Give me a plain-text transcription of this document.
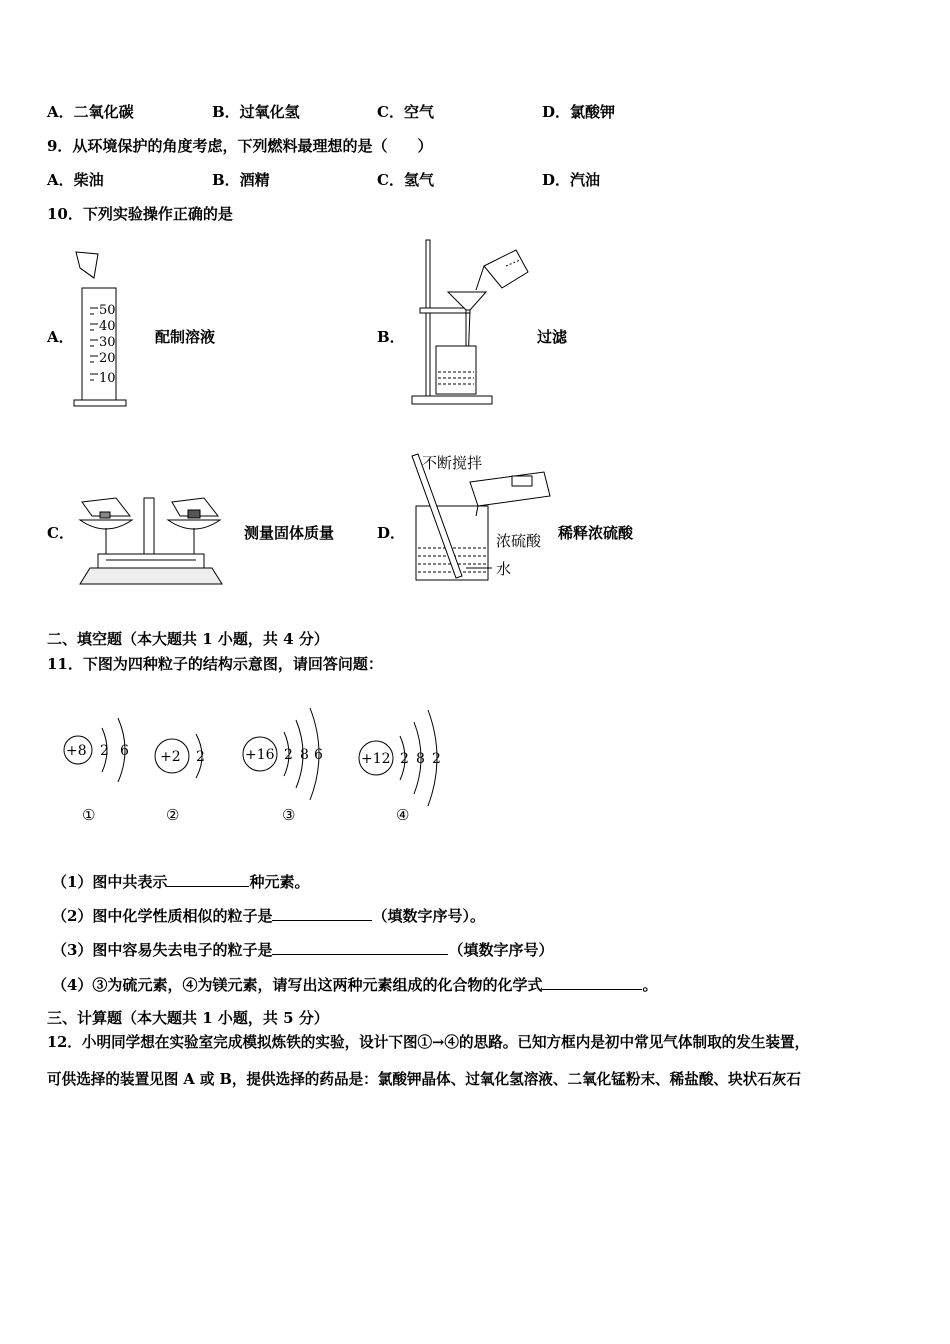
A．二氧化碳	B．过氧化氢	C．空气	D．氯酸钾
9．从环境保护的角度考虑，下列燃料最理想的是（　　）
A．柴油	B．酒精	C．氢气	D．汽油
10．下列实验操作正确的是
A．
50
40
30
20
10
配制溶液	B．	过滤
C．	测量固体质量	D．
不断搅拌
浓硫酸
水
稀释浓硫酸
二、填空题（本大题共 1 小题，共 4 分）
11．下图为四种粒子的结构示意图，请回答问题：
+8 2 6
①
+2 2
②
+16 2 8 6
③
+12 2 8 2
④
（1）图中共表示	种元素。
（2）图中化学性质相似的粒子是	（填数字序号）。
（3）图中容易失去电子的粒子是	（填数字序号）
（4）③为硫元素，④为镁元素，请写出这两种元素组成的化合物的化学式	。
三、计算题（本大题共 1 小题，共 5 分）
12．小明同学想在实验室完成模拟炼铁的实验，设计下图①→④的思路。已知方框内是初中常见气体制取的发生装置，
可供选择的装置见图 A 或 B，提供选择的药品是：氯酸钾晶体、过氧化氢溶液、二氧化锰粉末、稀盐酸、块状石灰石
